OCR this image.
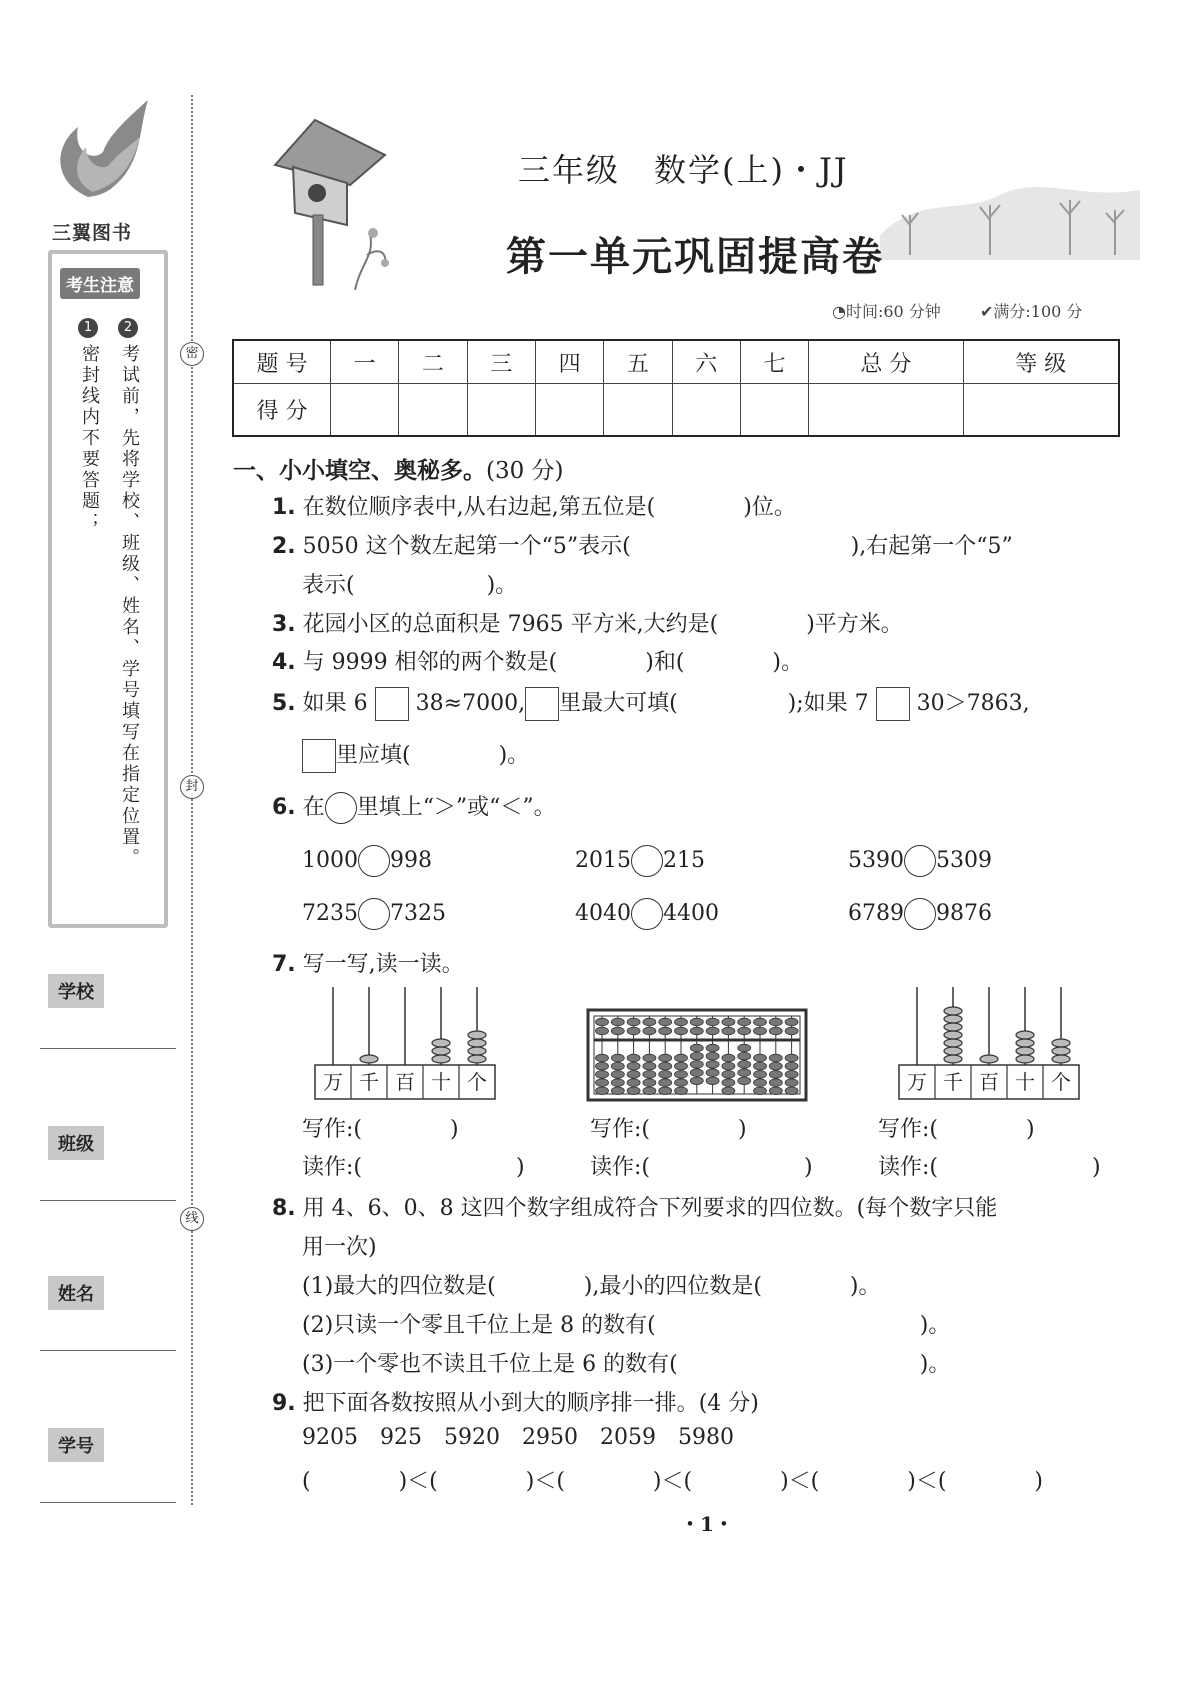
三翼图书
考生注意
1
密封线内不要答题；
2
考试前，先将学校、班级、姓名、学号填写在指定位置。
学校
班级
姓名
学号
密
封
线
三年级　数学(上)・JJ
第一单元巩固提高卷
◔时间:60 分钟 ✔满分:100 分
题 号	一	二	三	四	五	六	七	总 分	等 级
得 分									
一、小小填空、奥秘多。(30 分)
1. 在数位顺序表中,从右边起,第五位是(　　　　)位。
2. 5050 这个数左起第一个“5”表示(　　　　　　　　　　),右起第一个“5”
表示(　　　　　　)。
3. 花园小区的总面积是 7965 平方米,大约是(　　　　)平方米。
4. 与 9999 相邻的两个数是(　　　　)和(　　　　)。
5. 如果 6 38≈7000, 里最大可填(　　　　　);如果 7 30＞7863,
里应填(　　　　)。
6. 在 里填上“＞”或“＜”。
1000 998	2015 215	5390 5309
7235 7325	4040 4400	6789 9876
7. 写一写,读一读。
万 千 百 十 个	万 千 百 十 个
写作:(　　　　)
读作:(　　　　　　　)
写作:(　　　　)
读作:(　　　　　　　)
写作:(　　　　)
读作:(　　　　　　　)
8. 用 4、6、0、8 这四个数字组成符合下列要求的四位数。(每个数字只能
用一次)
(1)最大的四位数是(　　　　),最小的四位数是(　　　　)。
(2)只读一个零且千位上是 8 的数有(　　　　　　　　　　　　)。
(3)一个零也不读且千位上是 6 的数有(　　　　　　　　　　　)。
9. 把下面各数按照从小到大的顺序排一排。(4 分)
9205 925 5920 2950 2059 5980
(　　　　)＜(　　　　)＜(　　　　)＜(　　　　)＜(　　　　)＜(　　　　)
・1・
